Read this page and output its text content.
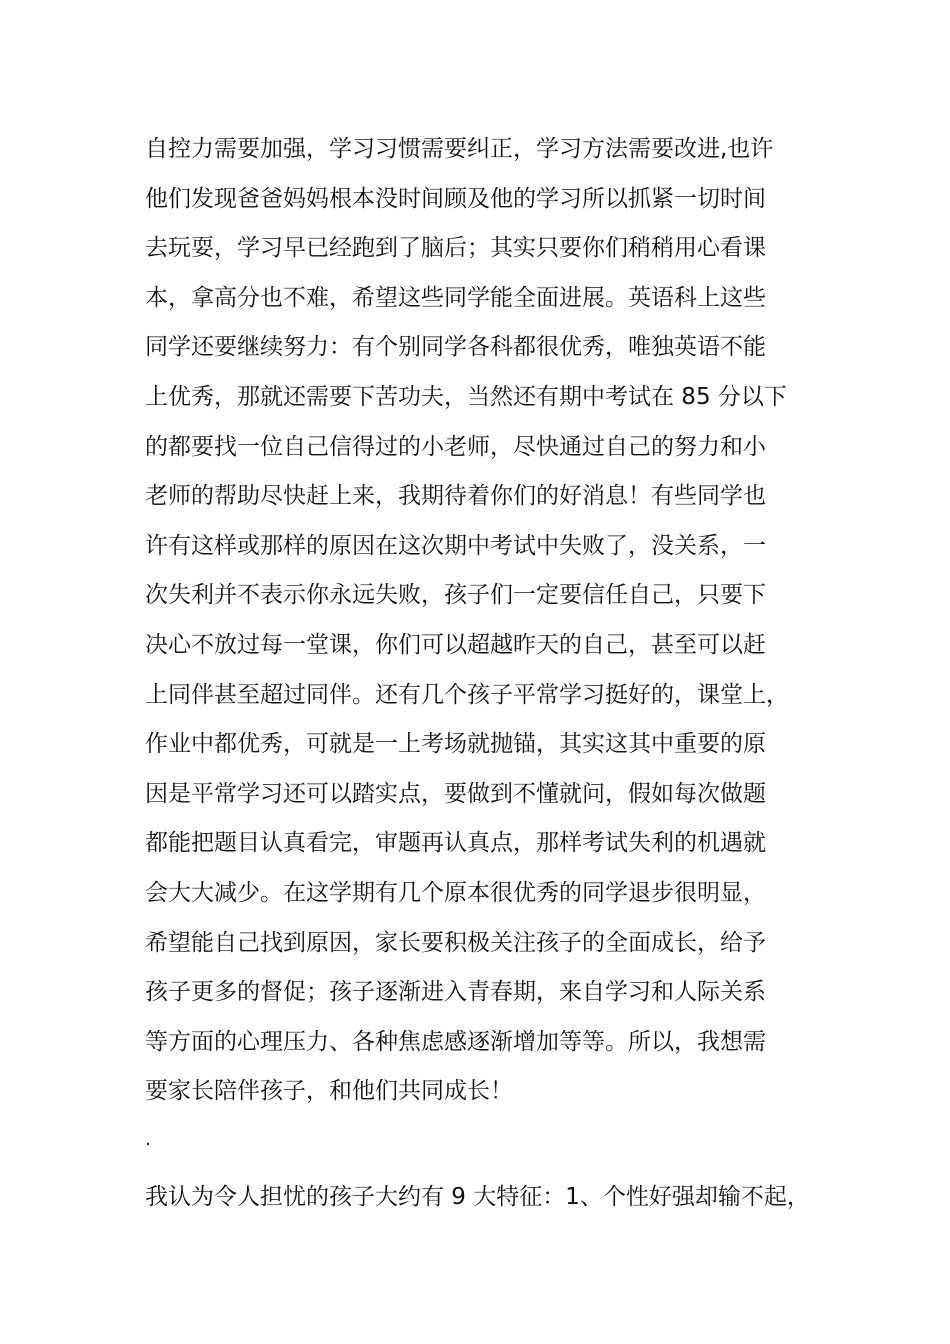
自控力需要加强，学习习惯需要纠正，学习方法需要改进,也许
他们发现爸爸妈妈根本没时间顾及他的学习所以抓紧一切时间
去玩耍，学习早已经跑到了脑后；其实只要你们稍稍用心看课
本，拿高分也不难，希望这些同学能全面进展。英语科上这些
同学还要继续努力：有个别同学各科都很优秀，唯独英语不能
上优秀，那就还需要下苦功夫，当然还有期中考试在 85 分以下
的都要找一位自己信得过的小老师，尽快通过自己的努力和小
老师的帮助尽快赶上来，我期待着你们的好消息！有些同学也
许有这样或那样的原因在这次期中考试中失败了，没关系，一
次失利并不表示你永远失败，孩子们一定要信任自己，只要下
决心不放过每一堂课，你们可以超越昨天的自己，甚至可以赶
上同伴甚至超过同伴。还有几个孩子平常学习挺好的，课堂上，
作业中都优秀，可就是一上考场就抛锚，其实这其中重要的原
因是平常学习还可以踏实点，要做到不懂就问，假如每次做题
都能把题目认真看完，审题再认真点，那样考试失利的机遇就
会大大减少。在这学期有几个原本很优秀的同学退步很明显，
希望能自己找到原因，家长要积极关注孩子的全面成长，给予
孩子更多的督促；孩子逐渐进入青春期，来自学习和人际关系
等方面的心理压力、各种焦虑感逐渐增加等等。所以，我想需
要家长陪伴孩子，和他们共同成长！
.
我认为令人担忧的孩子大约有 9 大特征：1、个性好强却输不起，
